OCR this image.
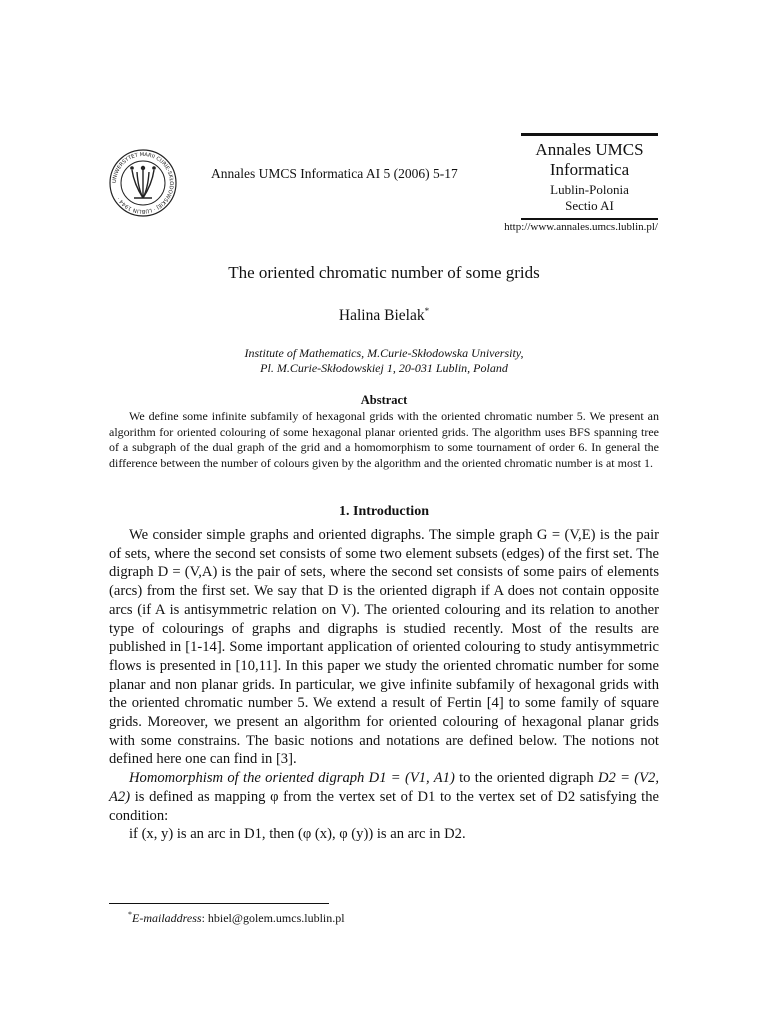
UNIWERSYTET MARII CURIE-SKŁODOWSKIEJ · LUBLIN 1944 ·
Annales UMCS Informatica AI 5 (2006) 5-17
Annales UMCS
Informatica
Lublin-Polonia
Sectio AI
http://www.annales.umcs.lublin.pl/
The oriented chromatic number of some grids
Halina Bielak*
Institute of Mathematics, M.Curie-Skłodowska University,
Pl. M.Curie-Skłodowskiej 1, 20-031 Lublin, Poland
Abstract

We define some infinite subfamily of hexagonal grids with the oriented chromatic number 5. We present an algorithm for oriented colouring of some hexagonal planar oriented grids. The algorithm uses BFS spanning tree of a subgraph of the dual graph of the grid and a homomorphism to some tournament of order 6. In general the difference between the number of colours given by the algorithm and the oriented chromatic number is at most 1.

1. Introduction

We consider simple graphs and oriented digraphs. The simple graph G = (V,E) is the pair of sets, where the second set consists of some two element subsets (edges) of the first set. The digraph D = (V,A) is the pair of sets, where the second set consists of some pairs of elements (arcs) from the first set. We say that D is the oriented digraph if A does not contain opposite arcs (if A is antisymmetric relation on V). The oriented colouring and its relation to another type of colourings of graphs and digraphs is studied recently. Most of the results are published in [1-14]. Some important application of oriented colouring to study antisymmetric flows is presented in [10,11]. In this paper we study the oriented chromatic number for some planar and non planar grids. In particular, we give infinite subfamily of hexagonal grids with the oriented chromatic number 5. We extend a result of Fertin [4] to some family of square grids. Moreover, we present an algorithm for oriented colouring of hexagonal planar grids with some constrains. The basic notions and notations are defined below. The notions not defined here one can find in [3].

Homomorphism of the oriented digraph D1 = (V1, A1) to the oriented digraph D2 = (V2, A2) is defined as mapping φ from the vertex set of D1 to the vertex set of D2 satisfying the condition:

if (x, y) is an arc in D1, then (φ (x), φ (y)) is an arc in D2.

*E-mailaddress: hbiel@golem.umcs.lublin.pl
